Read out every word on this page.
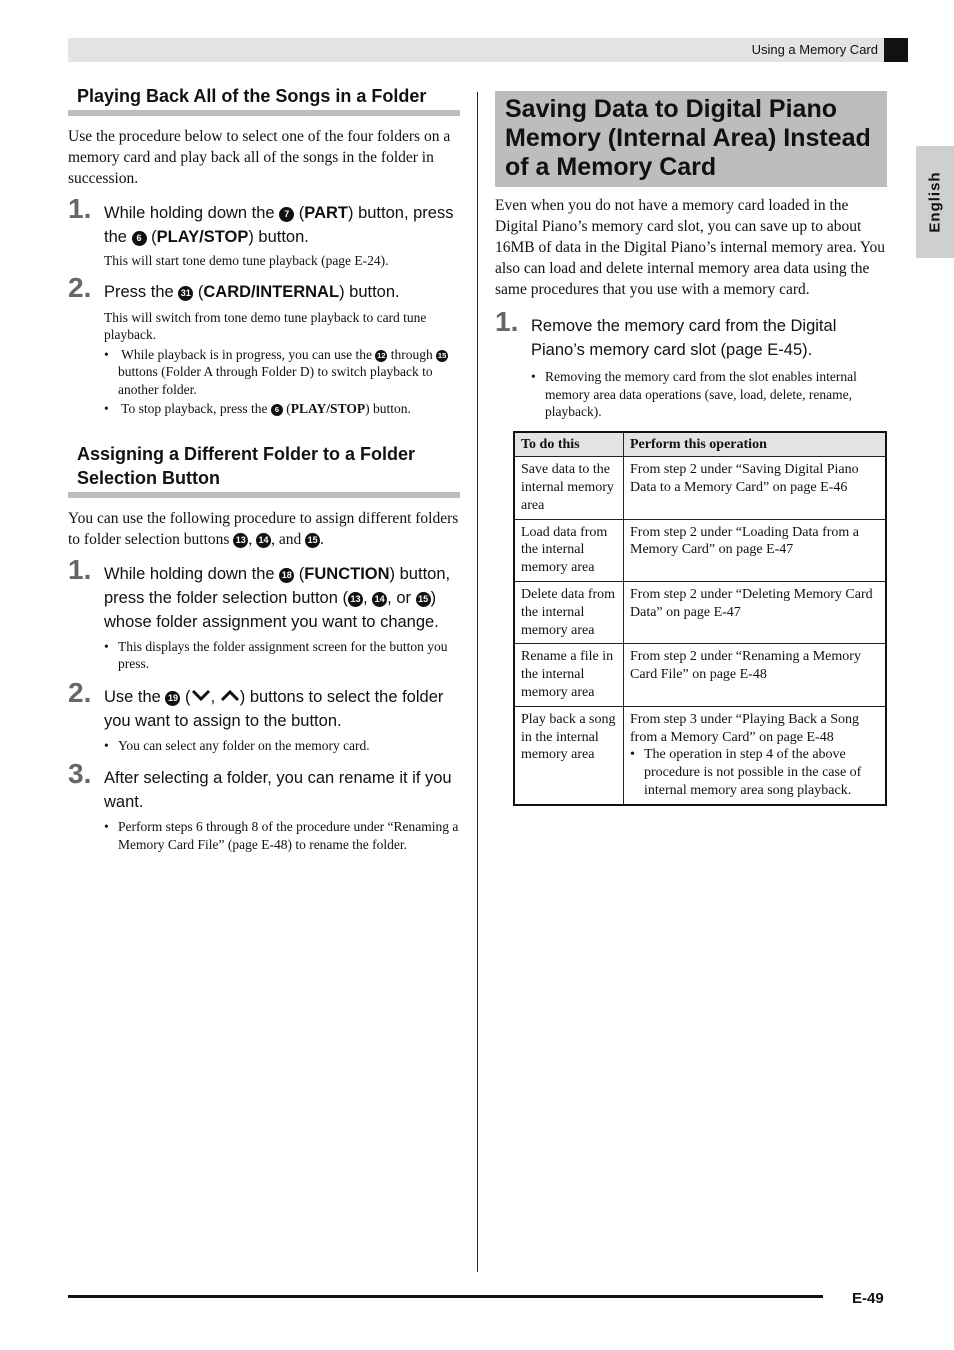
Using a Memory Card
English
Playing Back All of the Songs in a Folder

Use the procedure below to select one of the four folders on a memory card and play back all of the songs in the folder in succession.

1. While holding down the 7 (PART) button, press the 6 (PLAY/STOP) button.
This will start tone demo tune playback (page E-24).
2. Press the 31 (CARD/INTERNAL) button.
This will switch from tone demo tune playback to card tune playback.
• While playback is in progress, you can use the 12 through 15 buttons (Folder A through Folder D) to switch playback to another folder.
• To stop playback, press the 6 (PLAY/STOP) button.
Assigning a Different Folder to a Folder Selection Button

You can use the following procedure to assign different folders to folder selection buttons 13 , 14 , and 15 .

1. While holding down the 18 (FUNCTION) button, press the folder selection button ( 13 , 14 , or 15 ) whose folder assignment you want to change.
• This displays the folder assignment screen for the button you press.
2. Use the 19 ( , ) buttons to select the folder you want to assign to the button.
• You can select any folder on the memory card.
3. After selecting a folder, you can rename it if you want.
• Perform steps 6 through 8 of the procedure under “Renaming a Memory Card File” (page E-48) to rename the folder.
Saving Data to Digital Piano Memory (Internal Area) Instead of a Memory Card

Even when you do not have a memory card loaded in the Digital Piano’s memory card slot, you can save up to about 16MB of data in the Digital Piano’s internal memory area. You also can load and delete internal memory area data using the same procedures that you use with a memory card.

1. Remove the memory card from the Digital Piano’s memory card slot (page E-45).
• Removing the memory card from the slot enables internal memory area data operations (save, load, delete, rename, playback).
To do this	Perform this operation
Save data to the internal memory area	From step 2 under “Saving Digital Piano Data to a Memory Card” on page E-46
Load data from the internal memory area	From step 2 under “Loading Data from a Memory Card” on page E-47
Delete data from the internal memory area	From step 2 under “Deleting Memory Card Data” on page E-47
Rename a file in the internal memory area	From step 2 under “Renaming a Memory Card File” on page E-48
Play back a song in the internal memory area	From step 3 under “Playing Back a Song from a Memory Card” on page E-48
• The operation in step 4 of the above procedure is not possible in the case of internal memory area song playback.
E-49
